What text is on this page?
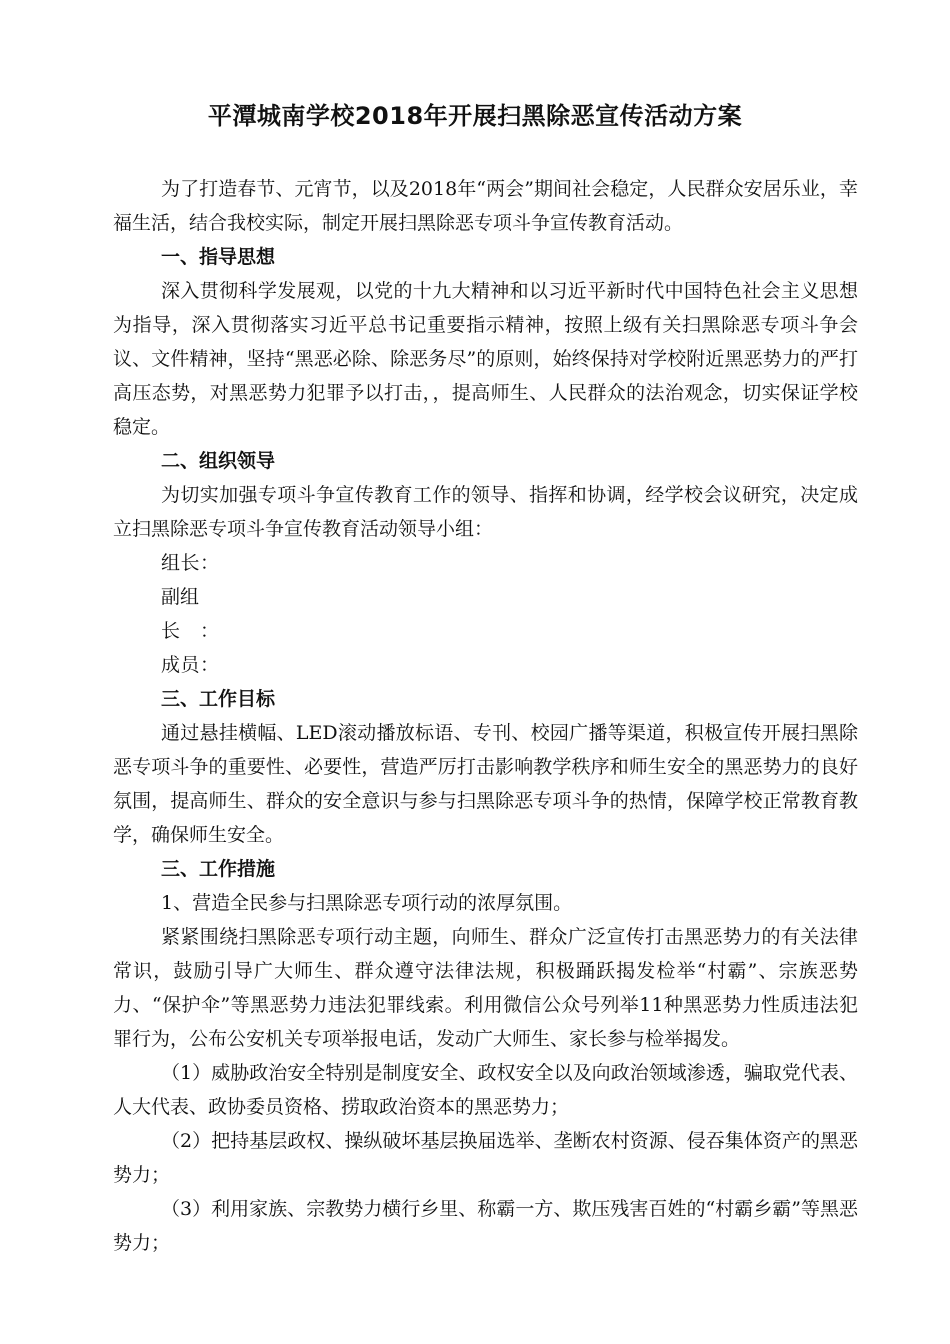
平潭城南学校2018年开展扫黑除恶宣传活动方案

为了打造春节、元宵节，以及2018年“两会”期间社会稳定，人民群众安居乐业，幸福生活，结合我校实际，制定开展扫黑除恶专项斗争宣传教育活动。

一、指导思想

深入贯彻科学发展观，以党的十九大精神和以习近平新时代中国特色社会主义思想为指导，深入贯彻落实习近平总书记重要指示精神，按照上级有关扫黑除恶专项斗争会议、文件精神，坚持“黑恶必除、除恶务尽”的原则，始终保持对学校附近黑恶势力的严打高压态势，对黑恶势力犯罪予以打击，，提高师生、人民群众的法治观念，切实保证学校稳定。

二、组织领导

为切实加强专项斗争宣传教育工作的领导、指挥和协调，经学校会议研究，决定成立扫黑除恶专项斗争宣传教育活动领导小组：

组长：

副组长：

成员：

三、工作目标

通过悬挂横幅、LED滚动播放标语、专刊、校园广播等渠道，积极宣传开展扫黑除恶专项斗争的重要性、必要性，营造严厉打击影响教学秩序和师生安全的黑恶势力的良好氛围，提高师生、群众的安全意识与参与扫黑除恶专项斗争的热情，保障学校正常教育教学，确保师生安全。

三、工作措施

1、营造全民参与扫黑除恶专项行动的浓厚氛围。

紧紧围绕扫黑除恶专项行动主题，向师生、群众广泛宣传打击黑恶势力的有关法律常识，鼓励引导广大师生、群众遵守法律法规，积极踊跃揭发检举“村霸”、宗族恶势力、“保护伞”等黑恶势力违法犯罪线索。利用微信公众号列举11种黑恶势力性质违法犯罪行为，公布公安机关专项举报电话，发动广大师生、家长参与检举揭发。

（1）威胁政治安全特别是制度安全、政权安全以及向政治领域渗透，骗取党代表、人大代表、政协委员资格、捞取政治资本的黑恶势力；

（2）把持基层政权、操纵破坏基层换届选举、垄断农村资源、侵吞集体资产的黑恶势力；

（3）利用家族、宗教势力横行乡里、称霸一方、欺压残害百姓的“村霸乡霸”等黑恶势力；
